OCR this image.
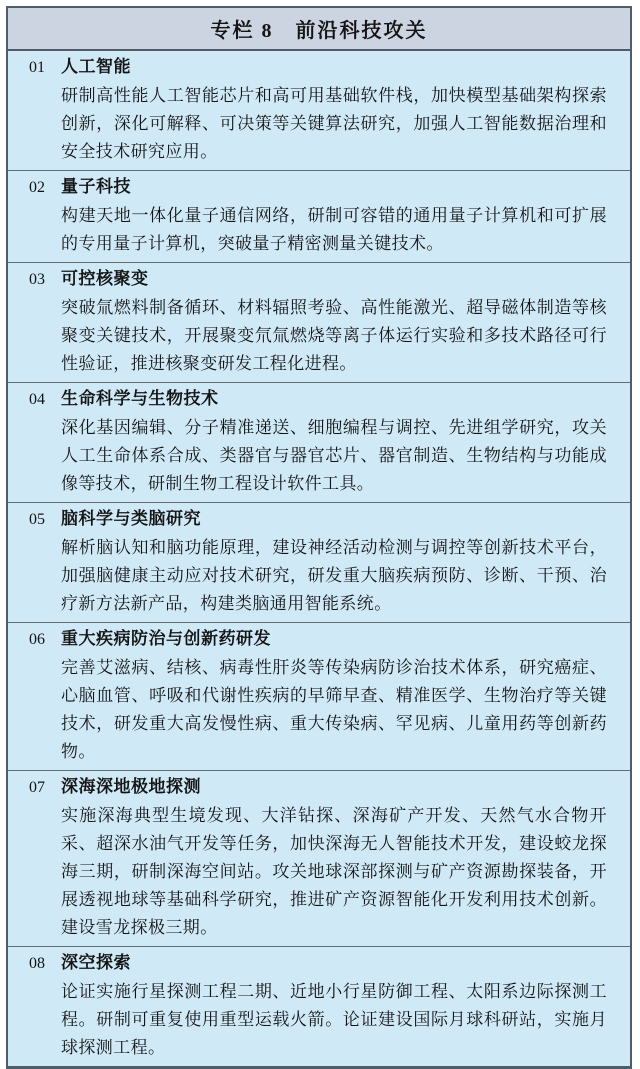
专栏 8　前沿科技攻关
01 人工智能
研制高性能人工智能芯片和高可用基础软件栈，加快模型基础架构探索创新，深化可解释、可决策等关键算法研究，加强人工智能数据治理和安全技术研究应用。
02 量子科技
构建天地一体化量子通信网络，研制可容错的通用量子计算机和可扩展的专用量子计算机，突破量子精密测量关键技术。
03 可控核聚变
突破氚燃料制备循环、材料辐照考验、高性能激光、超导磁体制造等核聚变关键技术，开展聚变氘氚燃烧等离子体运行实验和多技术路径可行性验证，推进核聚变研发工程化进程。
04 生命科学与生物技术
深化基因编辑、分子精准递送、细胞编程与调控、先进组学研究，攻关人工生命体系合成、类器官与器官芯片、器官制造、生物结构与功能成像等技术，研制生物工程设计软件工具。
05 脑科学与类脑研究
解析脑认知和脑功能原理，建设神经活动检测与调控等创新技术平台，加强脑健康主动应对技术研究，研发重大脑疾病预防、诊断、干预、治疗新方法新产品，构建类脑通用智能系统。
06 重大疾病防治与创新药研发
完善艾滋病、结核、病毒性肝炎等传染病防诊治技术体系，研究癌症、心脑血管、呼吸和代谢性疾病的早筛早查、精准医学、生物治疗等关键技术，研发重大高发慢性病、重大传染病、罕见病、儿童用药等创新药物。
07 深海深地极地探测
实施深海典型生境发现、大洋钻探、深海矿产开发、天然气水合物开采、超深水油气开发等任务，加快深海无人智能技术开发，建设蛟龙探海三期，研制深海空间站。攻关地球深部探测与矿产资源勘探装备，开展透视地球等基础科学研究，推进矿产资源智能化开发利用技术创新。建设雪龙探极三期。
08 深空探索
论证实施行星探测工程二期、近地小行星防御工程、太阳系边际探测工程。研制可重复使用重型运载火箭。论证建设国际月球科研站，实施月球探测工程。
